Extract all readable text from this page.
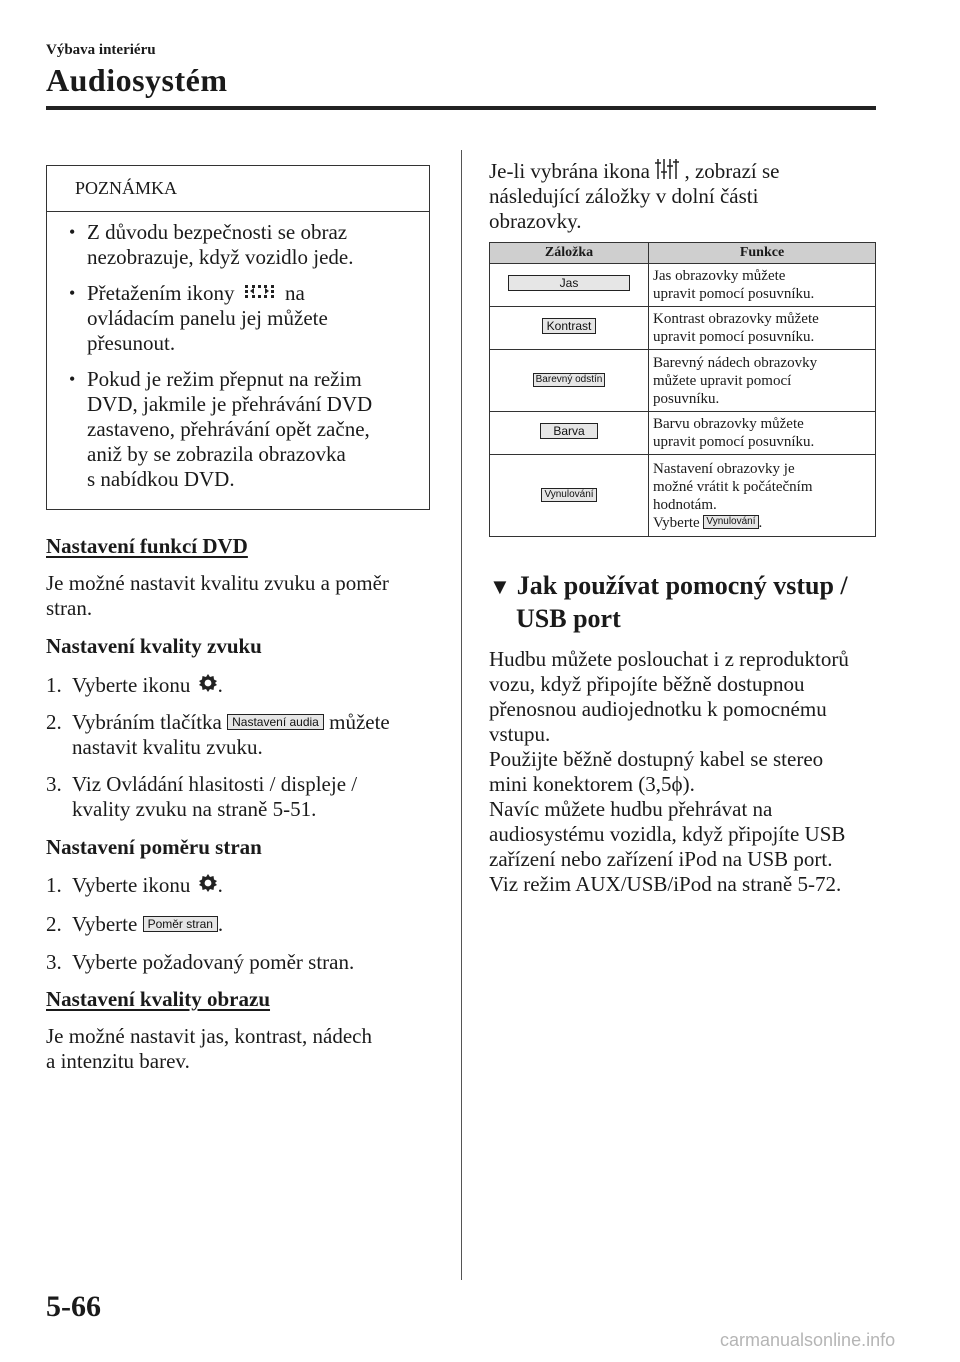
Výbava interiéru
Audiosystém
POZNÁMKA
• Z důvodu bezpečnosti se obraz
nezobrazuje, když vozidlo jede.
• Přetažením ikony na
ovládacím panelu jej můžete
přesunout.
• Pokud je režim přepnut na režim
DVD, jakmile je přehrávání DVD
zastaveno, přehrávání opět začne,
aniž by se zobrazila obrazovka
s nabídkou DVD.
Nastavení funkcí DVD
Je možné nastavit kvalitu zvuku a poměr
stran.
Nastavení kvality zvuku
1. Vyberte ikonu .
2. Vybráním tlačítka Nastavení audia můžete
nastavit kvalitu zvuku.
3. Viz Ovládání hlasitosti / displeje /
kvality zvuku na straně 5-51.
Nastavení poměru stran
1. Vyberte ikonu .
2. Vyberte Poměr stran .
3. Vyberte požadovaný poměr stran.
Nastavení kvality obrazu
Je možné nastavit jas, kontrast, nádech
a intenzitu barev.
Je-li vybrána ikona , zobrazí se
následující záložky v dolní části
obrazovky.
Záložka	Funkce
Jas	Jas obrazovky můžete
upravit pomocí posuvníku.

Kontrast	Kontrast obrazovky můžete
upravit pomocí posuvníku.

Barevný odstín	Barevný nádech obrazovky
můžete upravit pomocí
posuvníku.

Barva	Barvu obrazovky můžete
upravit pomocí posuvníku.

Vynulování	Nastavení obrazovky je
možné vrátit k počátečním
hodnotám.
Vyberte Vynulování .
▼ Jak používat pomocný vstup /
USB port
Hudbu můžete poslouchat i z reproduktorů
vozu, když připojíte běžně dostupnou
přenosnou audiojednotku k pomocnému
vstupu.
Použijte běžně dostupný kabel se stereo
mini konektorem (3,5ϕ).
Navíc můžete hudbu přehrávat na
audiosystému vozidla, když připojíte USB
zařízení nebo zařízení iPod na USB port.
Viz režim AUX/USB/iPod na straně 5-72.
5-66
carmanualsonline.info
